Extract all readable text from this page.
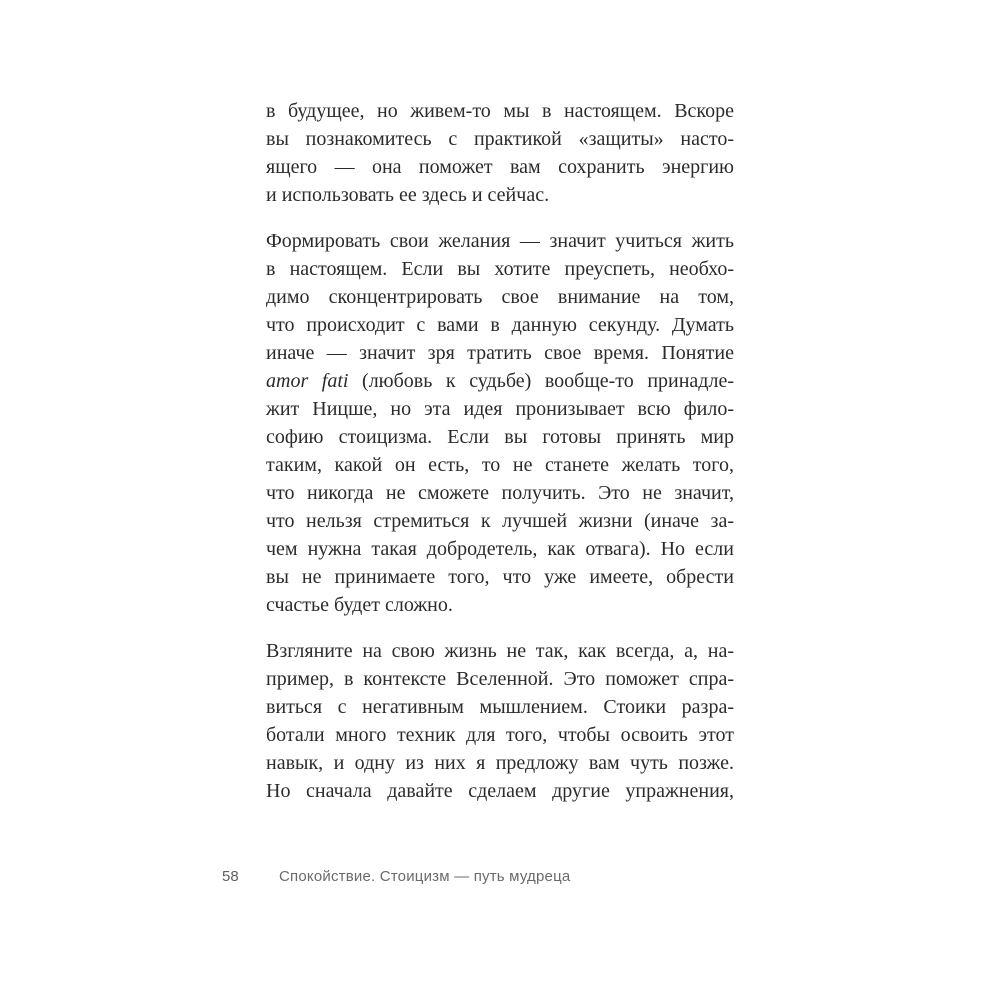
в будущее, но живем-то мы в настоящем. Вскоре
вы познакомитесь с практикой «защиты» насто-
ящего — она поможет вам сохранить энергию
и использовать ее здесь и сейчас.
Формировать свои желания — значит учиться жить
в настоящем. Если вы хотите преуспеть, необхо-
димо сконцентрировать свое внимание на том,
что происходит с вами в данную секунду. Думать
иначе — значит зря тратить свое время. Понятие
amor fati (любовь к судьбе) вообще-то принадле-
жит Ницше, но эта идея пронизывает всю фило-
софию стоицизма. Если вы готовы принять мир
таким, какой он есть, то не станете желать того,
что никогда не сможете получить. Это не значит,
что нельзя стремиться к лучшей жизни (иначе за-
чем нужна такая добродетель, как отвага). Но если
вы не принимаете того, что уже имеете, обрести
счастье будет сложно.
Взгляните на свою жизнь не так, как всегда, а, на-
пример, в контексте Вселенной. Это поможет спра-
виться с негативным мышлением. Стоики разра-
ботали много техник для того, чтобы освоить этот
навык, и одну из них я предложу вам чуть позже.
Но сначала давайте сделаем другие упражнения,
58	Спокойствие. Стоицизм — путь мудреца
